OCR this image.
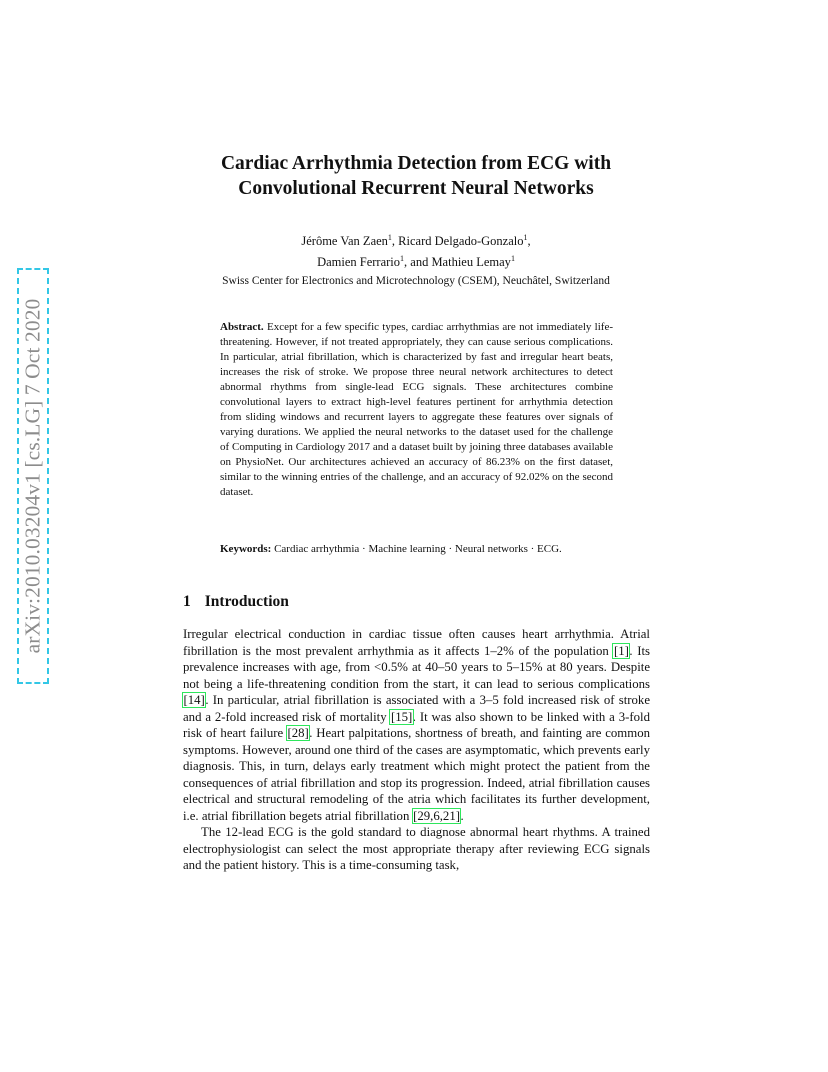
arXiv:2010.03204v1 [cs.LG] 7 Oct 2020
Cardiac Arrhythmia Detection from ECG with
Convolutional Recurrent Neural Networks
Jérôme Van Zaen$^1$, Ricard Delgado-Gonzalo$^1$,
Damien Ferrario$^1$, and Mathieu Lemay$^1$
Swiss Center for Electronics and Microtechnology (CSEM), Neuchâtel, Switzerland
Abstract. Except for a few specific types, cardiac arrhythmias are not immediately life-threatening. However, if not treated appropriately, they can cause serious complications. In particular, atrial fibrillation, which is characterized by fast and irregular heart beats, increases the risk of stroke. We propose three neural network architectures to detect abnormal rhythms from single-lead ECG signals. These architectures combine convolutional layers to extract high-level features pertinent for arrhythmia detection from sliding windows and recurrent layers to aggregate these features over signals of varying durations. We applied the neural networks to the dataset used for the challenge of Computing in Cardiology 2017 and a dataset built by joining three databases available on PhysioNet. Our architectures achieved an accuracy of 86.23% on the first dataset, similar to the winning entries of the challenge, and an accuracy of 92.02% on the second dataset.
Keywords: Cardiac arrhythmia · Machine learning · Neural networks · ECG.
1 Introduction

Irregular electrical conduction in cardiac tissue often causes heart arrhythmia. Atrial fibrillation is the most prevalent arrhythmia as it affects 1–2% of the population [1]. Its prevalence increases with age, from <0.5% at 40–50 years to 5–15% at 80 years. Despite not being a life-threatening condition from the start, it can lead to serious complications [14]. In particular, atrial fibrillation is associated with a 3–5 fold increased risk of stroke and a 2-fold increased risk of mortality [15]. It was also shown to be linked with a 3-fold risk of heart failure [28]. Heart palpitations, shortness of breath, and fainting are common symptoms. However, around one third of the cases are asymptomatic, which prevents early diagnosis. This, in turn, delays early treatment which might protect the patient from the consequences of atrial fibrillation and stop its progression. Indeed, atrial fibrillation causes electrical and structural remodeling of the atria which facilitates its further development, i.e. atrial fibrillation begets atrial fibrillation [29,6,21].

The 12-lead ECG is the gold standard to diagnose abnormal heart rhythms. A trained electrophysiologist can select the most appropriate therapy after reviewing ECG signals and the patient history. This is a time-consuming task,
